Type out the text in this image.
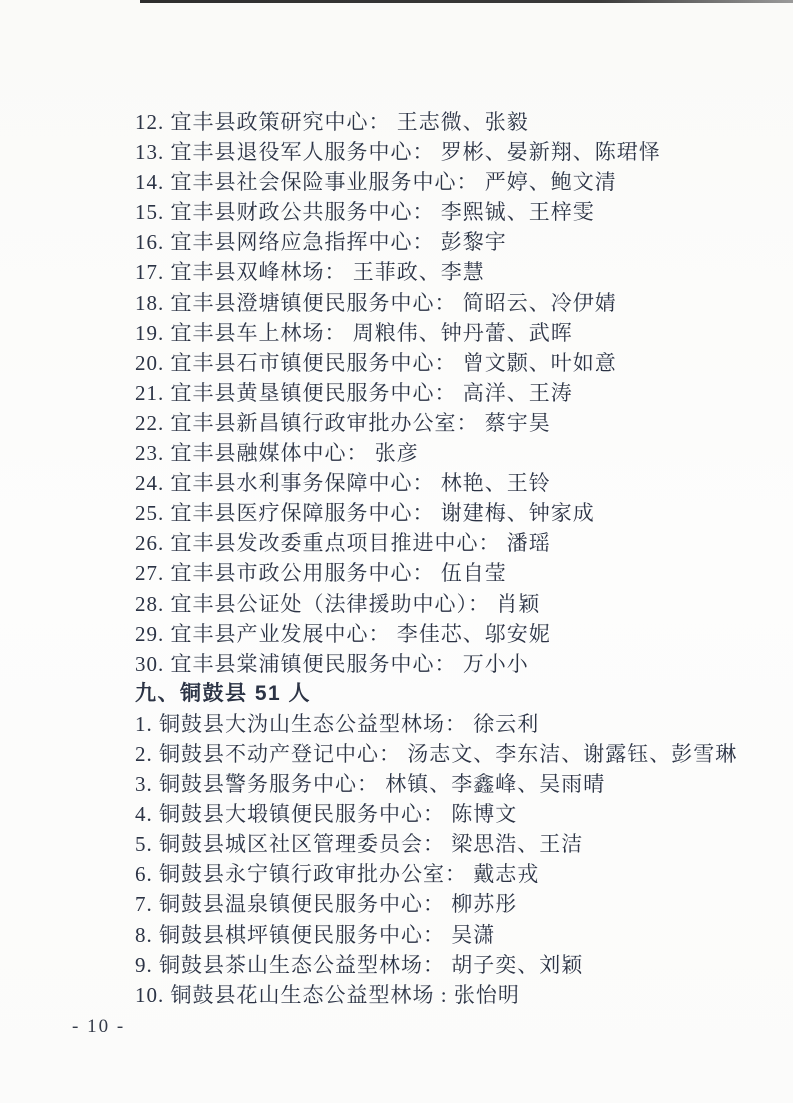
12. 宜丰县政策研究中心： 王志微、张毅
13. 宜丰县退役军人服务中心： 罗彬、晏新翔、陈珺怿
14. 宜丰县社会保险事业服务中心： 严婷、鲍文清
15. 宜丰县财政公共服务中心： 李熙铖、王梓雯
16. 宜丰县网络应急指挥中心： 彭黎宇
17. 宜丰县双峰林场： 王菲政、李慧
18. 宜丰县澄塘镇便民服务中心： 简昭云、冷伊婧
19. 宜丰县车上林场： 周粮伟、钟丹蕾、武晖
20. 宜丰县石市镇便民服务中心： 曾文颢、叶如意
21. 宜丰县黄垦镇便民服务中心： 高洋、王涛
22. 宜丰县新昌镇行政审批办公室： 蔡宇昊
23. 宜丰县融媒体中心： 张彦
24. 宜丰县水利事务保障中心： 林艳、王铃
25. 宜丰县医疗保障服务中心： 谢建梅、钟家成
26. 宜丰县发改委重点项目推进中心： 潘瑶
27. 宜丰县市政公用服务中心： 伍自莹
28. 宜丰县公证处（法律援助中心）： 肖颖
29. 宜丰县产业发展中心： 李佳芯、邬安妮
30. 宜丰县棠浦镇便民服务中心： 万小小
九、铜鼓县 51 人
1. 铜鼓县大沩山生态公益型林场： 徐云利
2. 铜鼓县不动产登记中心： 汤志文、李东洁、谢露钰、彭雪琳
3. 铜鼓县警务服务中心： 林镇、李鑫峰、吴雨晴
4. 铜鼓县大塅镇便民服务中心： 陈博文
5. 铜鼓县城区社区管理委员会： 梁思浩、王洁
6. 铜鼓县永宁镇行政审批办公室： 戴志戎
7. 铜鼓县温泉镇便民服务中心： 柳苏彤
8. 铜鼓县棋坪镇便民服务中心： 吴潇
9. 铜鼓县茶山生态公益型林场： 胡子奕、刘颖
10. 铜鼓县花山生态公益型林场 : 张怡明
- 10 -
